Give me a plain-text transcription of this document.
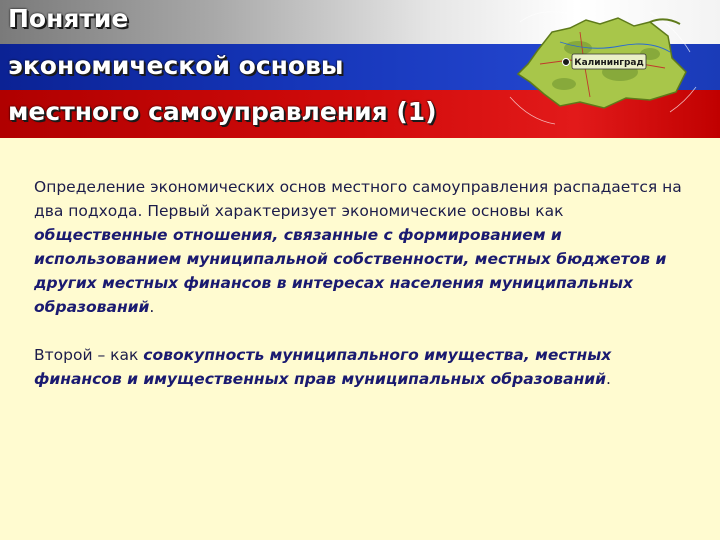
Калининград
Понятие
экономической основы
местного самоуправления (1)

Определение экономических основ местного самоуправления распадается на два подхода. Первый характеризует экономические основы как общественные отношения, связанные с формированием и использованием муниципальной собственности, местных бюджетов и других местных финансов в интересах населения муниципальных образований.

Второй – как совокупность муниципального имущества, местных финансов и имущественных прав муниципальных образований.
